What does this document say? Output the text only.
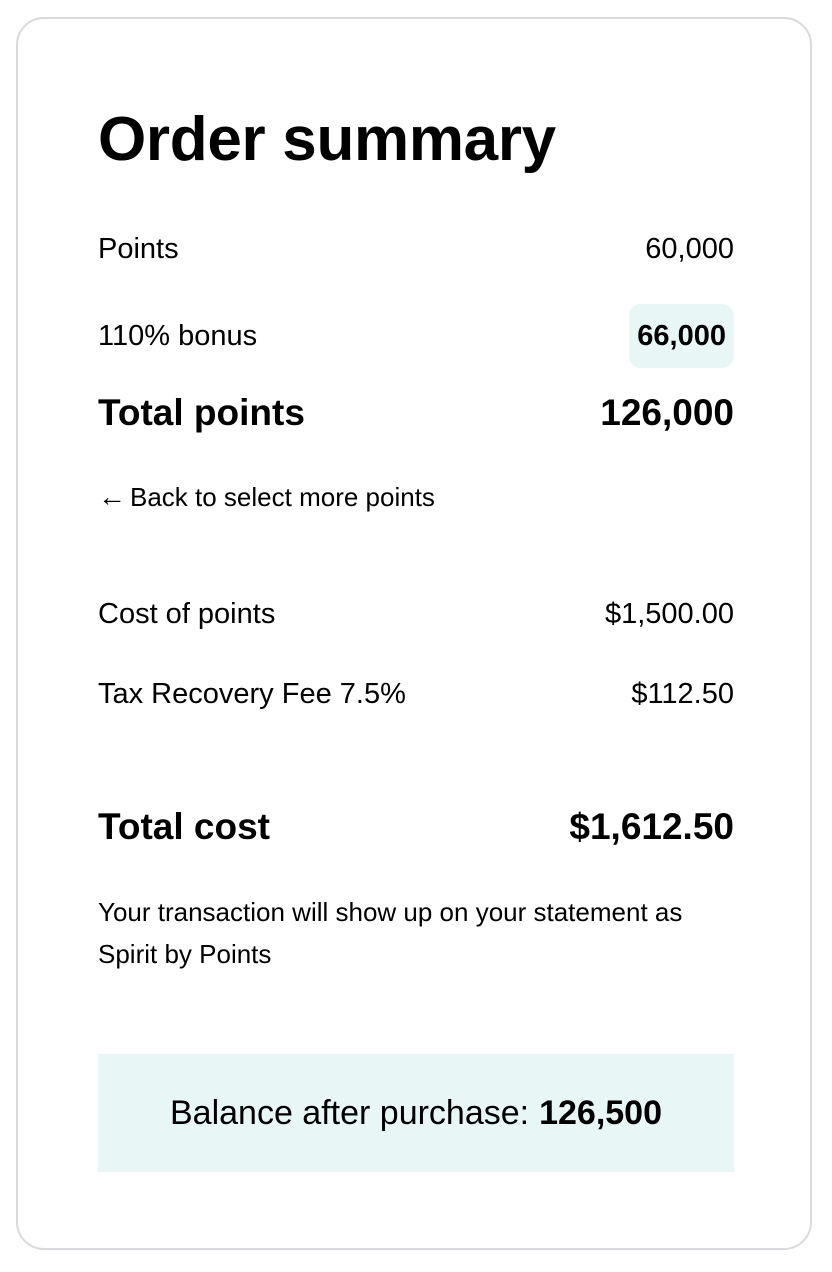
Order summary
Points	60,000
110% bonus	66,000
Total points	126,000
← Back to select more points
Cost of points	$1,500.00
Tax Recovery Fee 7.5%	$112.50
Total cost	$1,612.50

Your transaction will show up on your statement as Spirit by Points

Balance after purchase: 126,500
